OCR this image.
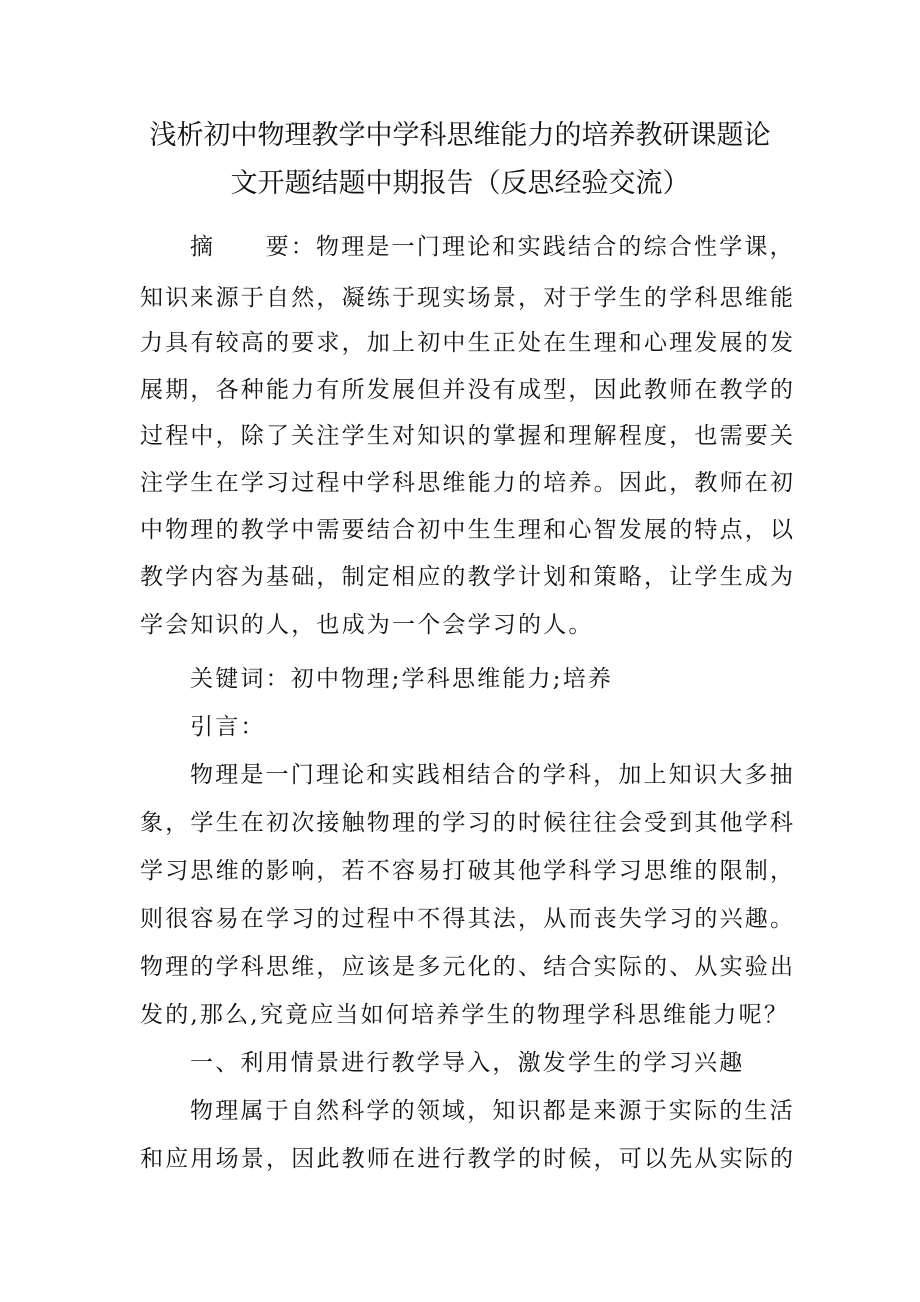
浅析初中物理教学中学科思维能力的培养教研课题论
文开题结题中期报告（反思经验交流）

摘　　要：物理是一门理论和实践结合的综合性学课，

知识来源于自然，凝练于现实场景，对于学生的学科思维能

力具有较高的要求，加上初中生正处在生理和心理发展的发

展期，各种能力有所发展但并没有成型，因此教师在教学的

过程中，除了关注学生对知识的掌握和理解程度，也需要关

注学生在学习过程中学科思维能力的培养。因此，教师在初

中物理的教学中需要结合初中生生理和心智发展的特点，以

教学内容为基础，制定相应的教学计划和策略，让学生成为

学会知识的人，也成为一个会学习的人。

关键词：初中物理;学科思维能力;培养

引言：

物理是一门理论和实践相结合的学科，加上知识大多抽

象，学生在初次接触物理的学习的时候往往会受到其他学科

学习思维的影响，若不容易打破其他学科学习思维的限制，

则很容易在学习的过程中不得其法，从而丧失学习的兴趣。

物理的学科思维，应该是多元化的、结合实际的、从实验出

发的,那么,究竟应当如何培养学生的物理学科思维能力呢？

一、利用情景进行教学导入，激发学生的学习兴趣

物理属于自然科学的领域，知识都是来源于实际的生活

和应用场景，因此教师在进行教学的时候，可以先从实际的
